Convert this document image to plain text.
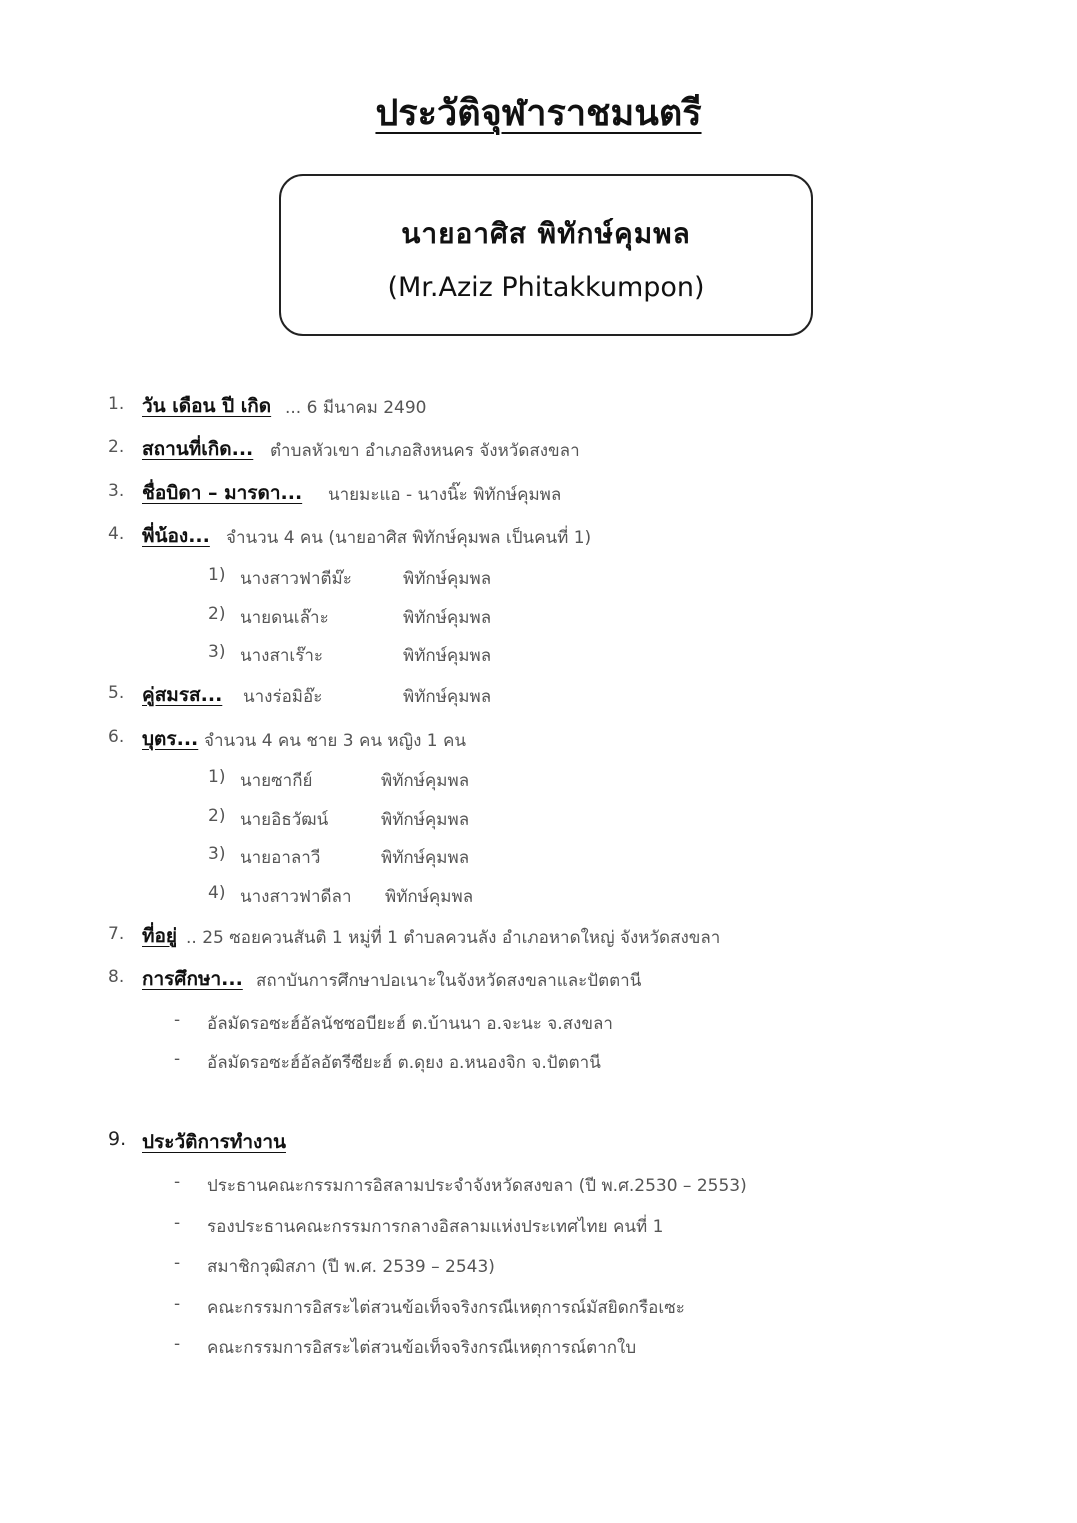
ประวัติจุฬาราชมนตรี
นายอาศิส พิทักษ์คุมพล
(Mr.Aziz Phitakkumpon)
1. วัน เดือน ปี เกิด ... 6 มีนาคม 2490
2. สถานที่เกิด... ตำบลหัวเขา อำเภอสิงหนคร จังหวัดสงขลา
3. ชื่อบิดา – มารดา... นายมะแอ - นางนิ๊ะ พิทักษ์คุมพล
4. พี่น้อง... จำนวน 4 คน (นายอาศิส พิทักษ์คุมพล เป็นคนที่ 1)
1) นางสาวฟาตีม๊ะ	พิทักษ์คุมพล
2) นายดนเล๊าะ	พิทักษ์คุมพล
3) นางสาเร๊าะ	พิทักษ์คุมพล
5. คู่สมรส... นางร่อมิอ๊ะ	พิทักษ์คุมพล
6. บุตร... จำนวน 4 คน ชาย 3 คน หญิง 1 คน
1) นายซากีย์	พิทักษ์คุมพล
2) นายอิธวัฒน์	พิทักษ์คุมพล
3) นายอาลาวี	พิทักษ์คุมพล
4) นางสาวฟาดีลา พิทักษ์คุมพล
7. ที่อยู่ .. 25 ซอยควนสันติ 1 หมู่ที่ 1 ตำบลควนลัง อำเภอหาดใหญ่ จังหวัดสงขลา
8. การศึกษา... สถาบันการศึกษาปอเนาะในจังหวัดสงขลาและปัตตานี
- อัลมัดรอซะฮ์อัลนัชซอบียะฮ์ ต.บ้านนา อ.จะนะ จ.สงขลา
- อัลมัดรอซะฮ์อัลอัตรีซียะฮ์ ต.ดุยง อ.หนองจิก จ.ปัตตานี
9. ประวัติการทำงาน
- ประธานคณะกรรมการอิสลามประจำจังหวัดสงขลา (ปี พ.ศ.2530 – 2553)
- รองประธานคณะกรรมการกลางอิสลามแห่งประเทศไทย คนที่ 1
- สมาชิกวุฒิสภา (ปี พ.ศ. 2539 – 2543)
- คณะกรรมการอิสระไต่สวนข้อเท็จจริงกรณีเหตุการณ์มัสยิดกรือเซะ
- คณะกรรมการอิสระไต่สวนข้อเท็จจริงกรณีเหตุการณ์ตากใบ
